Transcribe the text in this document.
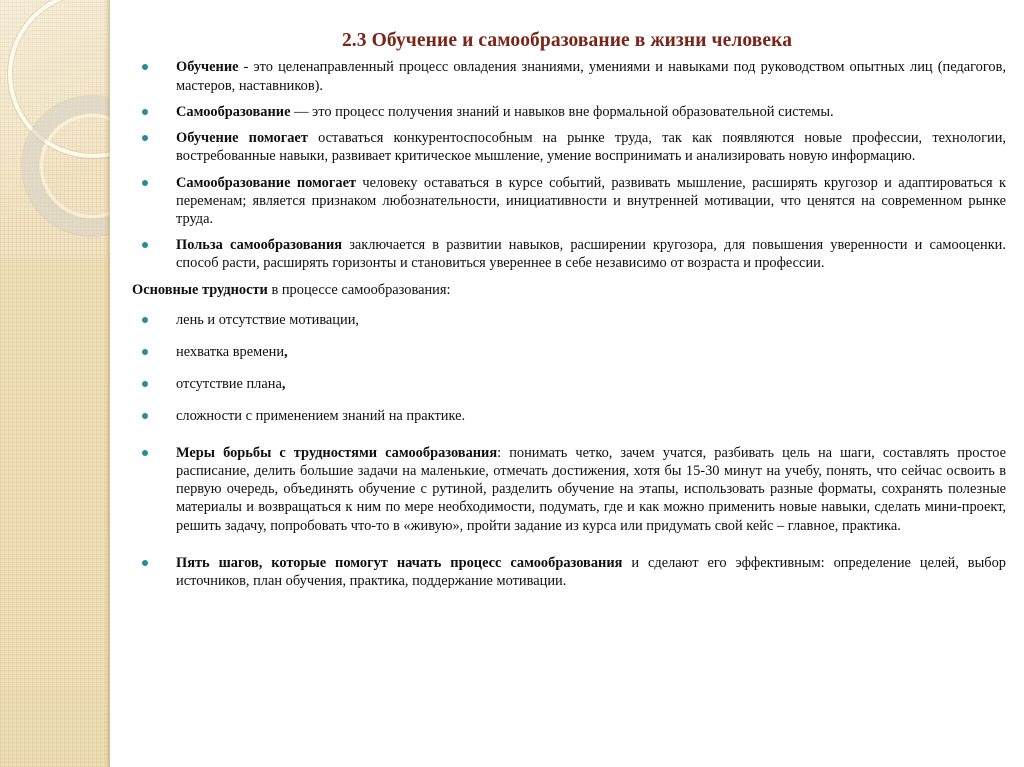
2.3 Обучение и самообразование в жизни человека
Обучение - это целенаправленный процесс овладения знаниями, умениями и навыками под руководством опытных лиц (педагогов, мастеров, наставников).
Самообразование — это процесс получения знаний и навыков вне формальной образовательной системы.
Обучение помогает оставаться конкурентоспособным на рынке труда, так как появляются новые профессии, технологии, востребованные навыки, развивает критическое мышление, умение воспринимать и анализировать новую информацию.
Самообразование помогает человеку оставаться в курсе событий, развивать мышление, расширять кругозор и адаптироваться к переменам; является признаком любознательности, инициативности и внутренней мотивации, что ценятся на современном рынке труда.
Польза самообразования заключается в развитии навыков, расширении кругозора, для повышения уверенности и самооценки. способ расти, расширять горизонты и становиться увереннее в себе независимо от возраста и профессии.

Основные трудности в процессе самообразования:

лень и отсутствие мотивации,
нехватка времени,
отсутствие плана,
сложности с применением знаний на практике.
Меры борьбы с трудностями самообразования: понимать четко, зачем учатся, разбивать цель на шаги, составлять простое расписание, делить большие задачи на маленькие, отмечать достижения, хотя бы 15-30 минут на учебу, понять, что сейчас освоить в первую очередь, объединять обучение с рутиной, разделить обучение на этапы, использовать разные форматы, сохранять полезные материалы и возвращаться к ним по мере необходимости, подумать, где и как можно применить новые навыки, сделать мини-проект, решить задачу, попробовать что-то в «живую», пройти задание из курса или придумать свой кейс – главное, практика.
Пять шагов, которые помогут начать процесс самообразования и сделают его эффективным: определение целей, выбор источников, план обучения, практика, поддержание мотивации.
